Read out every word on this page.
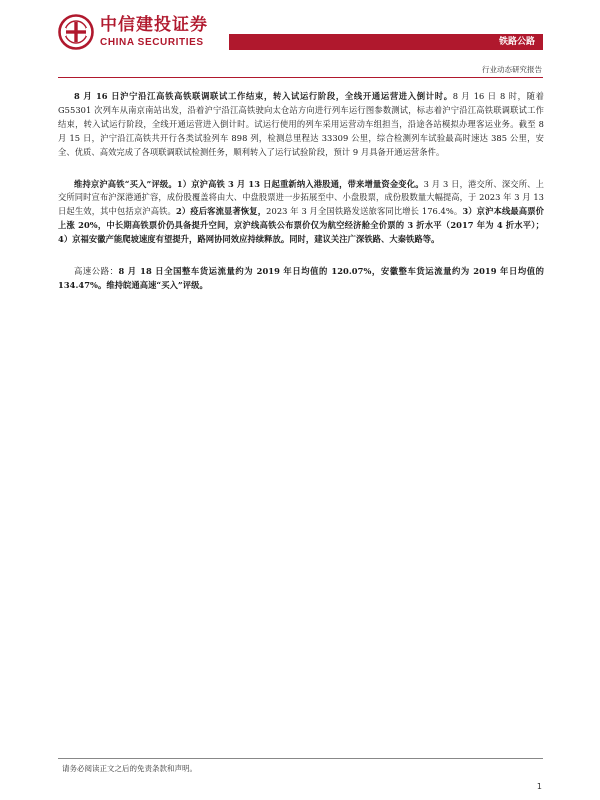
中信建投证券
CHINA SECURITIES	铁路公路
行业动态研究报告

8 月 16 日沪宁沿江高铁高铁联调联试工作结束，转入试运行阶段，全线开通运营进入倒计时。8 月 16 日 8 时，随着 G55301 次列车从南京南站出发，沿着沪宁沿江高铁驶向太仓站方向进行列车运行图参数测试，标志着沪宁沿江高铁联调联试工作结束，转入试运行阶段，全线开通运营进入倒计时。试运行使用的列车采用运营动车组担当，沿途各站模拟办理客运业务。截至 8 月 15 日，沪宁沿江高铁共开行各类试验列车 898 列，检测总里程达 33309 公里，综合检测列车试验最高时速达 385 公里，安全、优质、高效完成了各项联调联试检测任务，顺利转入了运行试验阶段，预计 9 月具备开通运营条件。

维持京沪高铁“买入”评级。1）京沪高铁 3 月 13 日起重新纳入港股通，带来增量资金变化。3 月 3 日，港交所、深交所、上交所同时宣布沪深港通扩容，成份股覆盖将由大、中盘股票进一步拓展至中、小盘股票，成份股数量大幅提高，于 2023 年 3 月 13 日起生效，其中包括京沪高铁。2）疫后客流显著恢复，2023 年 3 月全国铁路发送旅客同比增长 176.4%。3）京沪本线最高票价上涨 20%，中长期高铁票价仍具备提升空间，京沪线高铁公布票价仅为航空经济舱全价票的 3 折水平（2017 年为 4 折水平）；4）京福安徽产能爬坡速度有望提升，路网协同效应持续释放。同时，建议关注广深铁路、大秦铁路等。

高速公路：8 月 18 日全国整车货运流量约为 2019 年日均值的 120.07%，安徽整车货运流量约为 2019 年日均值的 134.47%。维持皖通高速“买入”评级。

请务必阅读正文之后的免责条款和声明。
1
